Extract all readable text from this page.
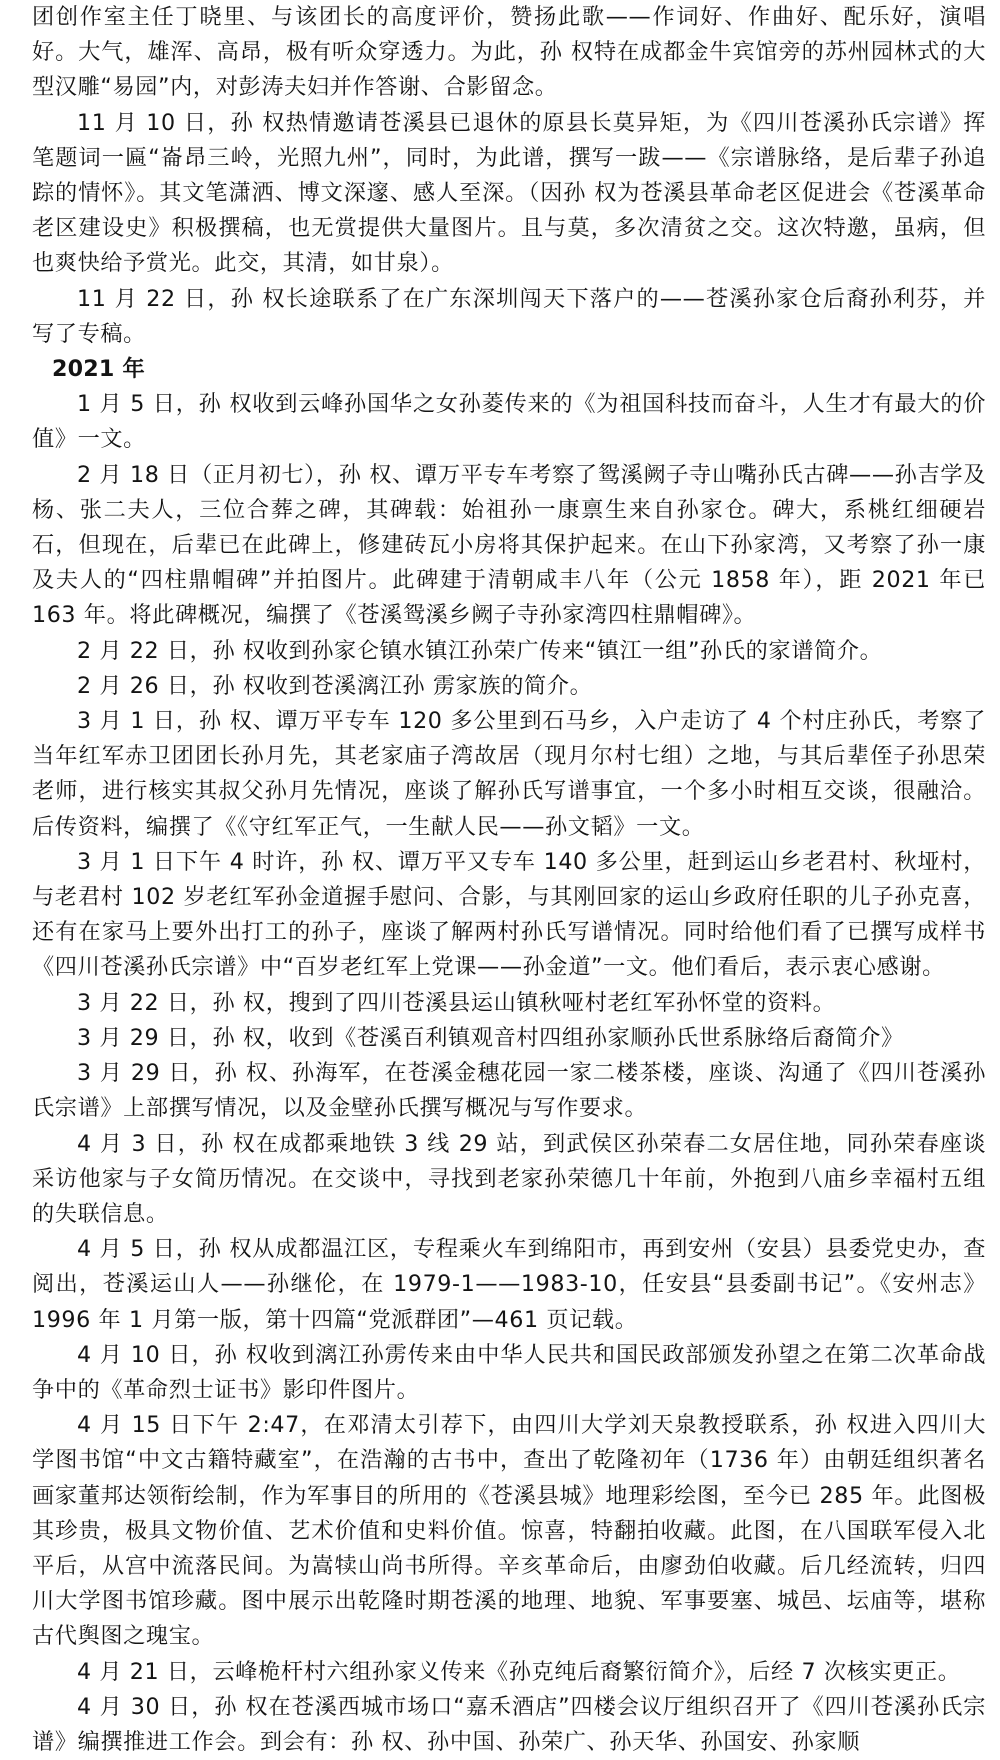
团创作室主任丁晓里、与该团长的高度评价，赞扬此歌——作词好、作曲好、配乐好，演唱好。大气，雄浑、高昂，极有听众穿透力。为此，孙 权特在成都金牛宾馆旁的苏州园林式的大型汉雕“易园”内，对彭涛夫妇并作答谢、合影留念。

11 月 10 日，孙 权热情邀请苍溪县已退休的原县长莫异矩，为《四川苍溪孙氏宗谱》挥笔题词一匾“崙昂三岭，光照九州”，同时，为此谱，撰写一跋——《宗谱脉络，是后辈子孙追踪的情怀》。其文笔潇洒、博文深邃、感人至深。（因孙 权为苍溪县革命老区促进会《苍溪革命老区建设史》积极撰稿，也无赏提供大量图片。且与莫，多次清贫之交。这次特邀，虽病，但也爽快给予赏光。此交，其清，如甘泉）。

11 月 22 日，孙 权长途联系了在广东深圳闯天下落户的——苍溪孙家仓后裔孙利芬，并写了专稿。

2021 年

1 月 5 日，孙 权收到云峰孙国华之女孙菱传来的《为祖国科技而奋斗，人生才有最大的价值》一文。

2 月 18 日（正月初七），孙 权、谭万平专车考察了鸳溪阙子寺山嘴孙氏古碑——孙吉学及杨、张二夫人，三位合葬之碑，其碑载：始祖孙一康禀生来自孙家仓。碑大，系桃红细硬岩石，但现在，后辈已在此碑上，修建砖瓦小房将其保护起来。在山下孙家湾，又考察了孙一康及夫人的“四柱鼎帽碑”并拍图片。此碑建于清朝咸丰八年（公元 1858 年），距 2021 年已 163 年。将此碑概况，编撰了《苍溪鸳溪乡阙子寺孙家湾四柱鼎帽碑》。

2 月 22 日，孙 权收到孙家仑镇水镇江孙荣广传来“镇江一组”孙氏的家谱简介。

2 月 26 日，孙 权收到苍溪漓江孙 雳家族的简介。

3 月 1 日，孙 权、谭万平专车 120 多公里到石马乡，入户走访了 4 个村庄孙氏，考察了当年红军赤卫团团长孙月先，其老家庙子湾故居（现月尔村七组）之地，与其后辈侄子孙思荣老师，进行核实其叔父孙月先情况，座谈了解孙氏写谱事宜，一个多小时相互交谈，很融洽。后传资料，编撰了《《守红军正气，一生献人民——孙文韬》一文。

3 月 1 日下午 4 时许，孙 权、谭万平又专车 140 多公里，赶到运山乡老君村、秋垭村，与老君村 102 岁老红军孙金道握手慰问、合影，与其刚回家的运山乡政府任职的儿子孙克喜，还有在家马上要外出打工的孙子，座谈了解两村孙氏写谱情况。同时给他们看了已撰写成样书《四川苍溪孙氏宗谱》中“百岁老红军上党课——孙金道”一文。他们看后，表示衷心感谢。

3 月 22 日，孙 权，搜到了四川苍溪县运山镇秋哑村老红军孙怀堂的资料。

3 月 29 日，孙 权，收到《苍溪百利镇观音村四组孙家顺孙氏世系脉络后裔简介》

3 月 29 日，孙 权、孙海军，在苍溪金穗花园一家二楼茶楼，座谈、沟通了《四川苍溪孙氏宗谱》上部撰写情况，以及金壁孙氏撰写概况与写作要求。

4 月 3 日，孙 权在成都乘地铁 3 线 29 站，到武侯区孙荣春二女居住地，同孙荣春座谈采访他家与子女简历情况。在交谈中，寻找到老家孙荣德几十年前，外抱到八庙乡幸福村五组的失联信息。

4 月 5 日，孙 权从成都温江区，专程乘火车到绵阳市，再到安州（安县）县委党史办，查阅出，苍溪运山人——孙继伦，在 1979-1——1983-10，任安县“县委副书记”。《安州志》1996 年 1 月第一版，第十四篇“党派群团”—461 页记载。

4 月 10 日，孙 权收到漓江孙雳传来由中华人民共和国民政部颁发孙望之在第二次革命战争中的《革命烈士证书》影印件图片。

4 月 15 日下午 2:47，在邓清太引荐下，由四川大学刘天泉教授联系，孙 权进入四川大学图书馆“中文古籍特藏室”，在浩瀚的古书中，查出了乾隆初年（1736 年）由朝廷组织著名画家董邦达领衔绘制，作为军事目的所用的《苍溪县城》地理彩绘图，至今已 285 年。此图极其珍贵，极具文物价值、艺术价值和史料价值。惊喜，特翻拍收藏。此图，在八国联军侵入北平后，从宫中流落民间。为嵩犊山尚书所得。辛亥革命后，由廖劲伯收藏。后几经流转，归四川大学图书馆珍藏。图中展示出乾隆时期苍溪的地理、地貌、军事要塞、城邑、坛庙等，堪称古代舆图之瑰宝。

4 月 21 日，云峰桅杆村六组孙家义传来《孙克纯后裔繁衍简介》，后经 7 次核实更正。

4 月 30 日，孙 权在苍溪西城市场口“嘉禾酒店”四楼会议厅组织召开了《四川苍溪孙氏宗谱》编撰推进工作会。到会有：孙 权、孙中国、孙荣广、孙天华、孙国安、孙家顺
